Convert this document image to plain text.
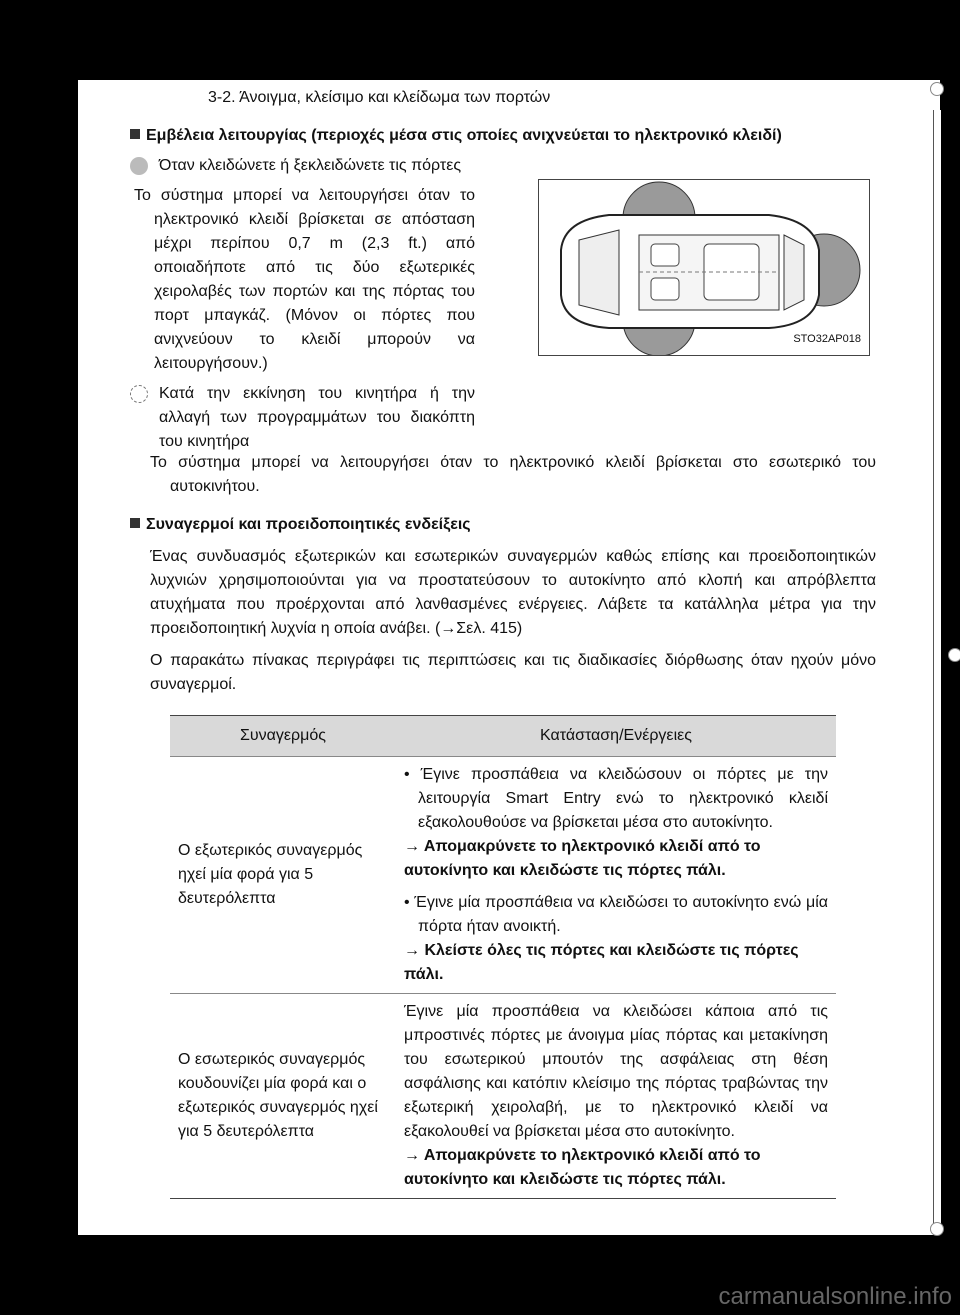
3-2. Άνοιγμα, κλείσιμο και κλείδωμα των πορτών

Εμβέλεια λειτουργίας (περιοχές μέσα στις οποίες ανιχνεύεται το ηλεκτρονικό κλειδί)

Όταν κλειδώνετε ή ξεκλειδώνετε τις πόρτες

Το σύστημα μπορεί να λειτουργήσει όταν το ηλεκτρονικό κλειδί βρίσκεται σε απόσταση μέχρι περίπου 0,7 m (2,3 ft.) από οποιαδήποτε από τις δύο εξωτερικές χειρολαβές των πορτών και της πόρτας του πορτ μπαγκάζ. (Μόνον οι πόρτες που ανιχνεύουν το κλειδί μπορούν να λειτουργήσουν.)

Κατά την εκκίνηση του κινητήρα ή την αλλαγή των προγραμμάτων του διακόπτη του κινητήρα

STO32AP018

Το σύστημα μπορεί να λειτουργήσει όταν το ηλεκτρονικό κλειδί βρίσκεται στο εσωτερικό του αυτοκινήτου.

Συναγερμοί και προειδοποιητικές ενδείξεις

Ένας συνδυασμός εξωτερικών και εσωτερικών συναγερμών καθώς επίσης και προειδοποιητικών λυχνιών χρησιμοποιούνται για να προστατεύσουν το αυτοκίνητο από κλοπή και απρόβλεπτα ατυχήματα που προέρχονται από λανθασμένες ενέργειες. Λάβετε τα κατάλληλα μέτρα για την προειδοποιητική λυχνία η οποία ανάβει. (→Σελ. 415)

Ο παρακάτω πίνακας περιγράφει τις περιπτώσεις και τις διαδικασίες διόρθωσης όταν ηχούν μόνο συναγερμοί.

Συναγερμός	Κατάσταση/Ενέργειες
Ο εξωτερικός συναγερμός ηχεί μία φορά για 5 δευτερόλεπτα	• Έγινε προσπάθεια να κλειδώσουν οι πόρτες με την λειτουργία Smart Entry ενώ το ηλεκτρονικό κλειδί εξακολουθούσε να βρίσκεται μέσα στο αυτοκίνητο.

→ Απομακρύνετε το ηλεκτρονικό κλειδί από το αυτοκίνητο και κλειδώστε τις πόρτες πάλι.

• Έγινε μία προσπάθεια να κλειδώσει το αυτοκίνητο ενώ μία πόρτα ήταν ανοικτή.

→ Κλείστε όλες τις πόρτες και κλειδώστε τις πόρτες πάλι.

Ο εσωτερικός συναγερμός κουδουνίζει μία φορά και ο εξωτερικός συναγερμός ηχεί για 5 δευτερόλεπτα	Έγινε μία προσπάθεια να κλειδώσει κάποια από τις μπροστινές πόρτες με άνοιγμα μίας πόρτας και μετακίνηση του εσωτερικού μπουτόν της ασφάλειας στη θέση ασφάλισης και κατόπιν κλείσιμο της πόρτας τραβώντας την εξωτερική χειρολαβή, με το ηλεκτρονικό κλειδί να εξακολουθεί να βρίσκεται μέσα στο αυτοκίνητο.

→ Απομακρύνετε το ηλεκτρονικό κλειδί από το αυτοκίνητο και κλειδώστε τις πόρτες πάλι.

carmanualsonline.info
